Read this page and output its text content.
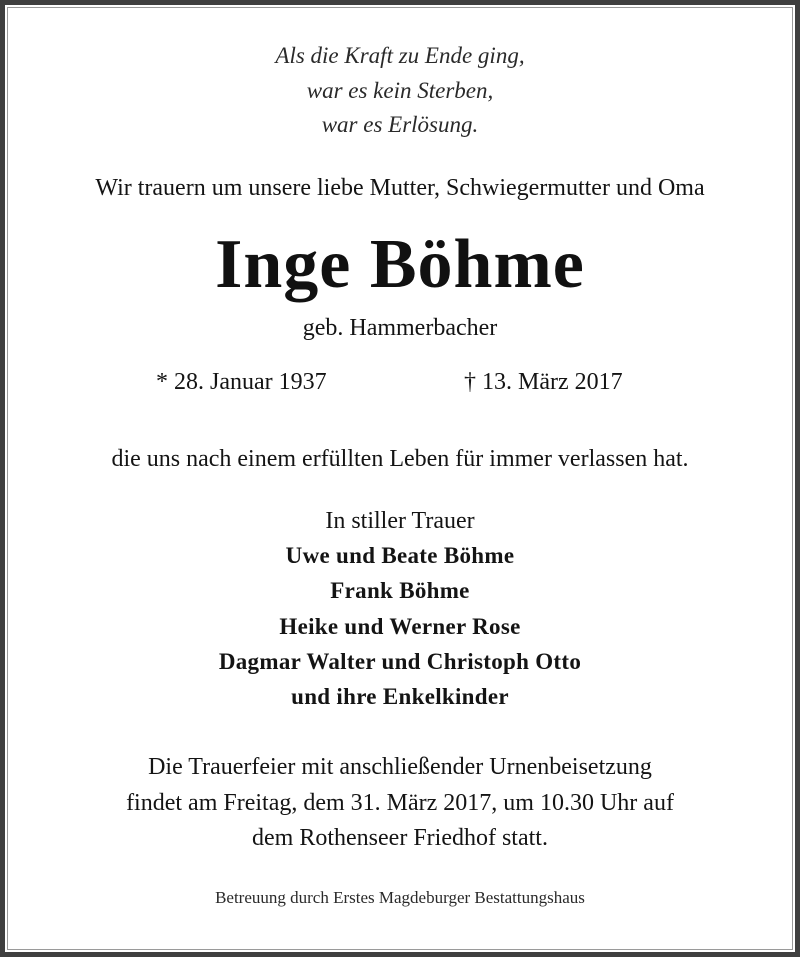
Als die Kraft zu Ende ging,
war es kein Sterben,
war es Erlösung.
Wir trauern um unsere liebe Mutter, Schwiegermutter und Oma
Inge Böhme
geb. Hammerbacher
* 28. Januar 1937	† 13. März 2017
die uns nach einem erfüllten Leben für immer verlassen hat.
In stiller Trauer
Uwe und Beate Böhme
Frank Böhme
Heike und Werner Rose
Dagmar Walter und Christoph Otto
und ihre Enkelkinder
Die Trauerfeier mit anschließender Urnenbeisetzung
findet am Freitag, dem 31. März 2017, um 10.30 Uhr auf
dem Rothenseer Friedhof statt.
Betreuung durch Erstes Magdeburger Bestattungshaus
